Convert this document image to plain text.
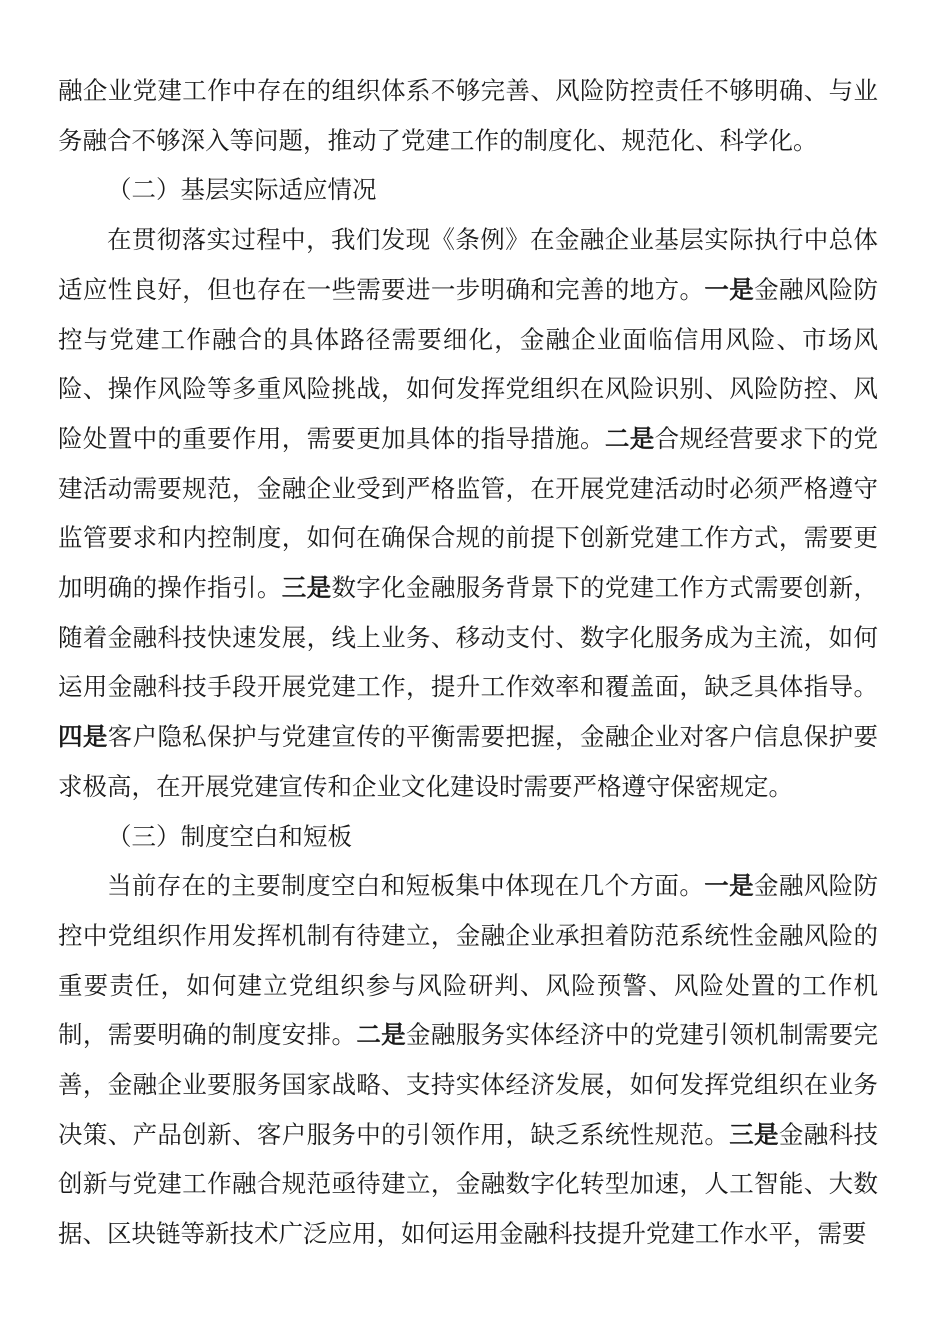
融企业党建工作中存在的组织体系不够完善、风险防控责任不够明确、与业务融合不够深入等问题，推动了党建工作的制度化、规范化、科学化。

（二）基层实际适应情况

在贯彻落实过程中，我们发现《条例》在金融企业基层实际执行中总体适应性良好，但也存在一些需要进一步明确和完善的地方。一是金融风险防控与党建工作融合的具体路径需要细化，金融企业面临信用风险、市场风险、操作风险等多重风险挑战，如何发挥党组织在风险识别、风险防控、风险处置中的重要作用，需要更加具体的指导措施。二是合规经营要求下的党建活动需要规范，金融企业受到严格监管，在开展党建活动时必须严格遵守监管要求和内控制度，如何在确保合规的前提下创新党建工作方式，需要更加明确的操作指引。三是数字化金融服务背景下的党建工作方式需要创新，随着金融科技快速发展，线上业务、移动支付、数字化服务成为主流，如何运用金融科技手段开展党建工作，提升工作效率和覆盖面，缺乏具体指导。四是客户隐私保护与党建宣传的平衡需要把握，金融企业对客户信息保护要求极高，在开展党建宣传和企业文化建设时需要严格遵守保密规定。

（三）制度空白和短板

当前存在的主要制度空白和短板集中体现在几个方面。一是金融风险防控中党组织作用发挥机制有待建立，金融企业承担着防范系统性金融风险的重要责任，如何建立党组织参与风险研判、风险预警、风险处置的工作机制，需要明确的制度安排。二是金融服务实体经济中的党建引领机制需要完善，金融企业要服务国家战略、支持实体经济发展，如何发挥党组织在业务决策、产品创新、客户服务中的引领作用，缺乏系统性规范。三是金融科技创新与党建工作融合规范亟待建立，金融数字化转型加速，人工智能、大数据、区块链等新技术广泛应用，如何运用金融科技提升党建工作水平，需要
